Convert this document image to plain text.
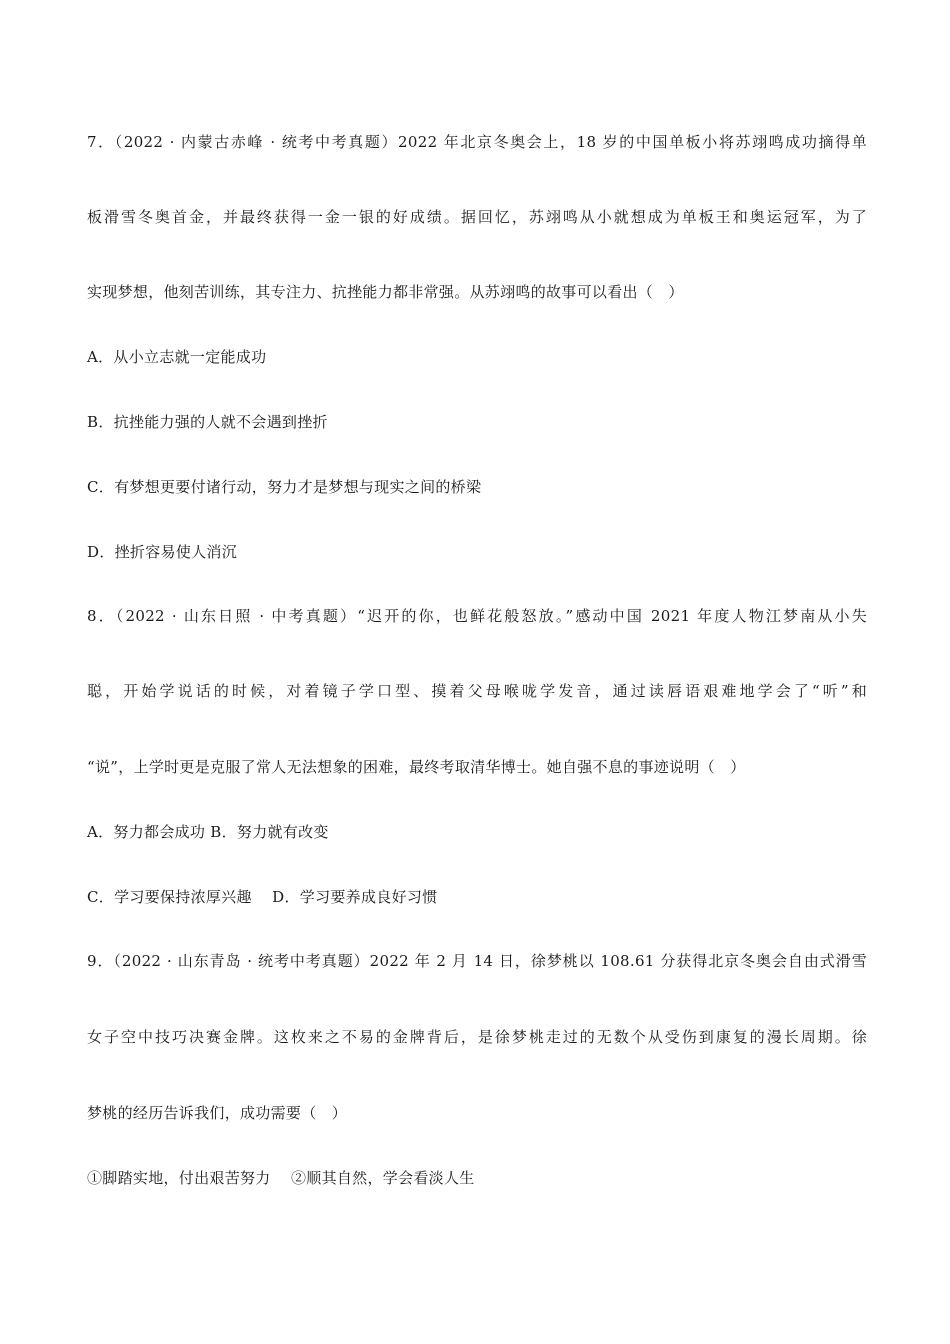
7．（2022 · 内蒙古赤峰 · 统考中考真题）2022 年北京冬奥会上，18 岁的中国单板小将苏翊鸣成功摘得单
板滑雪冬奥首金，并最终获得一金一银的好成绩。据回忆，苏翊鸣从小就想成为单板王和奥运冠军，为了
实现梦想，他刻苦训练，其专注力、抗挫能力都非常强。从苏翊鸣的故事可以看出（　）
A．从小立志就一定能成功
B．抗挫能力强的人就不会遇到挫折
C．有梦想更要付诸行动，努力才是梦想与现实之间的桥梁
D．挫折容易使人消沉
8．（2022 · 山东日照 · 中考真题）“迟开的你，也鲜花般怒放。”感动中国 2021 年度人物江梦南从小失
聪，开始学说话的时候，对着镜子学口型、摸着父母喉咙学发音，通过读唇语艰难地学会了“听”和
“说”，上学时更是克服了常人无法想象的困难，最终考取清华博士。她自强不息的事迹说明（　）
A．努力都会成功 B．努力就有改变
C．学习要保持浓厚兴趣　 D．学习要养成良好习惯
9．（2022 · 山东青岛 · 统考中考真题）2022 年 2 月 14 日，徐梦桃以 108.61 分获得北京冬奥会自由式滑雪
女子空中技巧决赛金牌。这枚来之不易的金牌背后，是徐梦桃走过的无数个从受伤到康复的漫长周期。徐
梦桃的经历告诉我们，成功需要（　）
①脚踏实地，付出艰苦努力　 ②顺其自然，学会看淡人生
